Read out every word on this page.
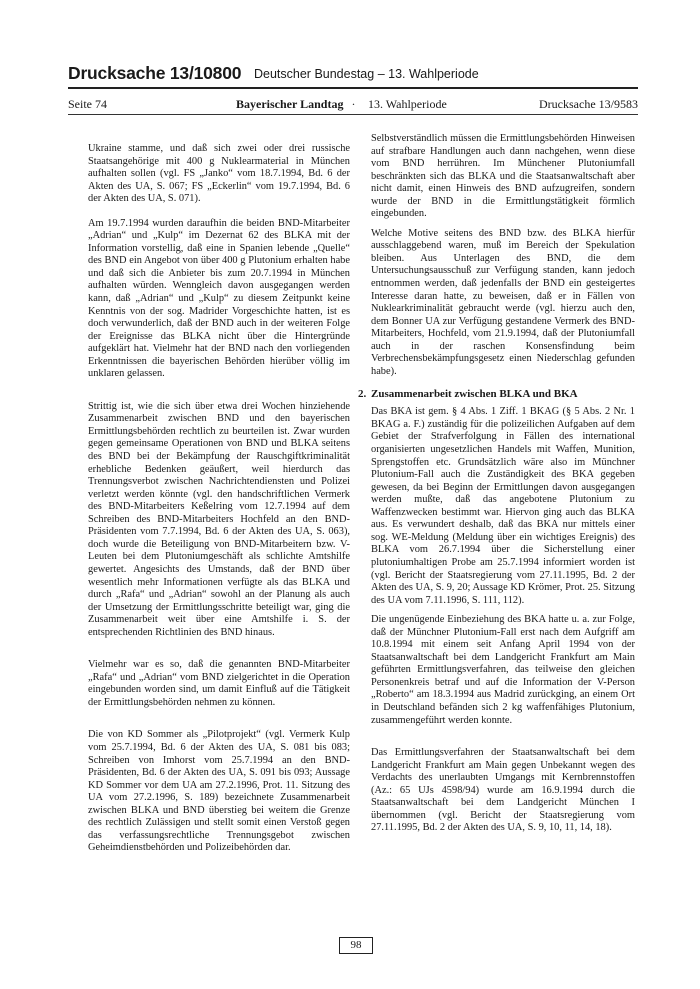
Drucksache 13/10800 Deutscher Bundestag – 13. Wahlperiode
Seite 74	Bayerischer Landtag ·	13. Wahlperiode	Drucksache 13/9583

Ukraine stamme, und daß sich zwei oder drei russische Staatsangehörige mit 400 g Nuklearmaterial in München aufhalten sollen (vgl. FS „Janko“ vom 18.7.1994, Bd. 6 der Akten des UA, S. 067; FS „Eckerlin“ vom 19.7.1994, Bd. 6 der Akten des UA, S. 071).

Am 19.7.1994 wurden daraufhin die beiden BND-Mitarbeiter „Adrian“ und „Kulp“ im Dezernat 62 des BLKA mit der Information vorstellig, daß eine in Spanien lebende „Quelle“ des BND ein Angebot von über 400 g Plutonium erhalten habe und daß sich die Anbieter bis zum 20.7.1994 in München aufhalten würden. Wenngleich davon ausgegangen werden kann, daß „Adrian“ und „Kulp“ zu diesem Zeitpunkt keine Kenntnis von der sog. Madrider Vorgeschichte hatten, ist es doch verwunderlich, daß der BND auch in der weiteren Folge der Ereignisse das BLKA nicht über die Hintergründe aufgeklärt hat. Vielmehr hat der BND nach den vorliegenden Erkenntnissen die bayerischen Behörden hierüber völlig im unklaren gelassen.

Strittig ist, wie die sich über etwa drei Wochen hinziehende Zusammenarbeit zwischen BND und den bayerischen Ermittlungsbehörden rechtlich zu beurteilen ist. Zwar wurden gegen gemeinsame Operationen von BND und BLKA seitens des BND bei der Bekämpfung der Rauschgiftkriminalität erhebliche Bedenken geäußert, weil hierdurch das Trennungsverbot zwischen Nachrichtendiensten und Polizei verletzt werden könnte (vgl. den handschriftlichen Vermerk des BND-Mitarbeiters Keßelring vom 12.7.1994 auf dem Schreiben des BND-Mitarbeiters Hochfeld an den BND-Präsidenten vom 7.7.1994, Bd. 6 der Akten des UA, S. 063), doch wurde die Beteiligung von BND-Mitarbeitern bzw. V-Leuten bei dem Plutoniumgeschäft als schlichte Amtshilfe gewertet. Angesichts des Umstands, daß der BND über wesentlich mehr Informationen verfügte als das BLKA und durch „Rafa“ und „Adrian“ sowohl an der Planung als auch der Umsetzung der Ermittlungsschritte beteiligt war, ging die Zusammenarbeit weit über eine Amtshilfe i. S. der entsprechenden Richtlinien des BND hinaus.

Vielmehr war es so, daß die genannten BND-Mitarbeiter „Rafa“ und „Adrian“ vom BND zielgerichtet in die Operation eingebunden worden sind, um damit Einfluß auf die Tätigkeit der Ermittlungsbehörden nehmen zu können.

Die von KD Sommer als „Pilotprojekt“ (vgl. Vermerk Kulp vom 25.7.1994, Bd. 6 der Akten des UA, S. 081 bis 083; Schreiben von Imhorst vom 25.7.1994 an den BND-Präsidenten, Bd. 6 der Akten des UA, S. 091 bis 093; Aussage KD Sommer vor dem UA am 27.2.1996, Prot. 11. Sitzung des UA vom 27.2.1996, S. 189) bezeichnete Zusammenarbeit zwischen BLKA und BND überstieg bei weitem die Grenze des rechtlich Zulässigen und stellt somit einen Verstoß gegen das verfassungsrechtliche Trennungsgebot zwischen Geheimdienstbehörden und Polizeibehörden dar.

Selbstverständlich müssen die Ermittlungsbehörden Hinweisen auf strafbare Handlungen auch dann nachgehen, wenn diese vom BND herrühren. Im Münchener Plutoniumfall beschränkten sich das BLKA und die Staatsanwaltschaft aber nicht damit, einen Hinweis des BND aufzugreifen, sondern wurde der BND in die Ermittlungstätigkeit förmlich eingebunden.

Welche Motive seitens des BND bzw. des BLKA hierfür ausschlaggebend waren, muß im Bereich der Spekulation bleiben. Aus Unterlagen des BND, die dem Untersuchungsausschuß zur Verfügung standen, kann jedoch entnommen werden, daß jedenfalls der BND ein gesteigertes Interesse daran hatte, zu beweisen, daß er in Fällen von Nuklearkriminalität gebraucht werde (vgl. hierzu auch den, dem Bonner UA zur Verfügung gestandene Vermerk des BND-Mitarbeiters, Hochfeld, vom 21.9.1994, daß der Plutoniumfall auch in der raschen Konsensfindung beim Verbrechensbekämpfungsgesetz einen Niederschlag gefunden habe).

2. Zusammenarbeit zwischen BLKA und BKA

Das BKA ist gem. § 4 Abs. 1 Ziff. 1 BKAG (§ 5 Abs. 2 Nr. 1 BKAG a. F.) zuständig für die polizeilichen Aufgaben auf dem Gebiet der Strafverfolgung in Fällen des international organisierten ungesetzlichen Handels mit Waffen, Munition, Sprengstoffen etc. Grundsätzlich wäre also im Münchner Plutonium-Fall auch die Zuständigkeit des BKA gegeben gewesen, da bei Beginn der Ermittlungen davon ausgegangen werden mußte, daß das angebotene Plutonium zu Waffenzwecken bestimmt war. Hiervon ging auch das BLKA aus. Es verwundert deshalb, daß das BKA nur mittels einer sog. WE-Meldung (Meldung über ein wichtiges Ereignis) des BLKA vom 26.7.1994 über die Sicherstellung einer plutoniumhaltigen Probe am 25.7.1994 informiert worden ist (vgl. Bericht der Staatsregierung vom 27.11.1995, Bd. 2 der Akten des UA, S. 9, 20; Aussage KD Krömer, Prot. 25. Sitzung des UA vom 7.11.1996, S. 111, 112).

Die ungenügende Einbeziehung des BKA hatte u. a. zur Folge, daß der Münchner Plutonium-Fall erst nach dem Aufgriff am 10.8.1994 mit einem seit Anfang April 1994 von der Staatsanwaltschaft bei dem Landgericht Frankfurt am Main geführten Ermittlungsverfahren, das teilweise den gleichen Personenkreis betraf und auf die Information der V-Person „Roberto“ am 18.3.1994 aus Madrid zurückging, an einem Ort in Deutschland befänden sich 2 kg waffenfähiges Plutonium, zusammengeführt werden konnte.

Das Ermittlungsverfahren der Staatsanwaltschaft bei dem Landgericht Frankfurt am Main gegen Unbekannt wegen des Verdachts des unerlaubten Umgangs mit Kernbrennstoffen (Az.: 65 UJs 4598/94) wurde am 16.9.1994 durch die Staatsanwaltschaft bei dem Landgericht München I übernommen (vgl. Bericht der Staatsregierung vom 27.11.1995, Bd. 2 der Akten des UA, S. 9, 10, 11, 14, 18).

98
